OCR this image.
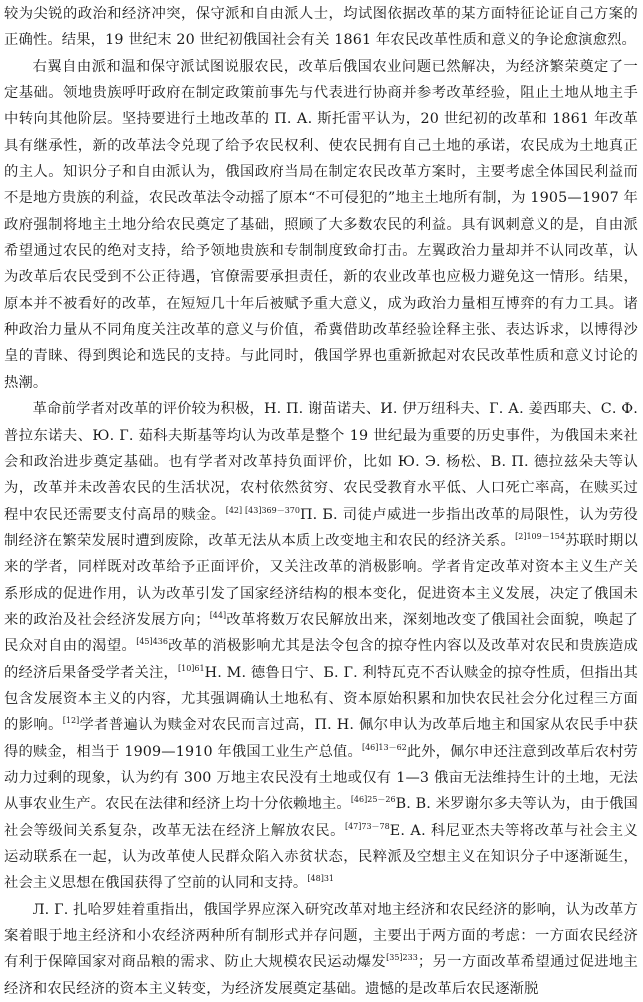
较为尖锐的政治和经济冲突，保守派和自由派人士，均试图依据改革的某方面特征论证自己方案的正确性。结果，19 世纪末 20 世纪初俄国社会有关 1861 年农民改革性质和意义的争论愈演愈烈。

右翼自由派和温和保守派试图说服农民，改革后俄国农业问题已然解决，为经济繁荣奠定了一定基础。领地贵族呼吁政府在制定政策前事先与代表进行协商并参考改革经验，阻止土地从地主手中转向其他阶层。坚持要进行土地改革的 П. А. 斯托雷平认为，20 世纪初的改革和 1861 年改革具有继承性，新的改革法令兑现了给予农民权利、使农民拥有自己土地的承诺，农民成为土地真正的主人。知识分子和自由派认为，俄国政府当局在制定农民改革方案时，主要考虑全体国民利益而不是地方贵族的利益，农民改革法令动摇了原本“不可侵犯的”地主土地所有制，为 1905—1907 年政府强制将地主土地分给农民奠定了基础，照顾了大多数农民的利益。具有讽刺意义的是，自由派希望通过农民的绝对支持，给予领地贵族和专制制度致命打击。左翼政治力量却并不认同改革，认为改革后农民受到不公正待遇，官僚需要承担责任，新的农业改革也应极力避免这一情形。结果，原本并不被看好的改革，在短短几十年后被赋予重大意义，成为政治力量相互博弈的有力工具。诸种政治力量从不同角度关注改革的意义与价值，希冀借助改革经验诠释主张、表达诉求，以博得沙皇的青睐、得到舆论和选民的支持。与此同时，俄国学界也重新掀起对农民改革性质和意义讨论的热潮。

革命前学者对改革的评价较为积极，Н. П. 谢苗诺夫、И. 伊万纽科夫、Г. А. 姜西耶夫、С. Ф. 普拉东诺夫、Ю. Г. 茹科夫斯基等均认为改革是整个 19 世纪最为重要的历史事件，为俄国未来社会和政治进步奠定基础。也有学者对改革持负面评价，比如 Ю. Э. 杨松、В. П. 德拉兹朵夫等认为，改革并未改善农民的生活状况，农村依然贫穷、农民受教育水平低、人口死亡率高，在赎买过程中农民还需要支付高昂的赎金。$^{[42] [43]369-370}$П. Б. 司徒卢威进一步指出改革的局限性，认为劳役制经济在繁荣发展时遭到废除，改革无法从本质上改变地主和农民的经济关系。$^{[2]109-154}$苏联时期以来的学者，同样既对改革给予正面评价，又关注改革的消极影响。学者肯定改革对资本主义生产关系形成的促进作用，认为改革引发了国家经济结构的根本变化，促进资本主义发展，决定了俄国未来的政治及社会经济发展方向；[44]改革将数万农民解放出来，深刻地改变了俄国社会面貌，唤起了民众对自由的渴望。$^{[45]436}$改革的消极影响尤其是法令包含的掠夺性内容以及改革对农民和贵族造成的经济后果备受学者关注，$^{[10]61}$Н. М. 德鲁日宁、Б. Г. 利特瓦克不否认赎金的掠夺性质，但指出其包含发展资本主义的内容，尤其强调确认土地私有、资本原始积累和加快农民社会分化过程三方面的影响。[12]学者普遍认为赎金对农民而言过高，П. Н. 佩尔申认为改革后地主和国家从农民手中获得的赎金，相当于 1909—1910 年俄国工业生产总值。$^{[46]13-62}$此外，佩尔申还注意到改革后农村劳动力过剩的现象，认为约有 300 万地主农民没有土地或仅有 1—3 俄亩无法维持生计的土地，无法从事农业生产。农民在法律和经济上均十分依赖地主。$^{[46]25-26}$В. В. 米罗谢尔多夫等认为，由于俄国社会等级间关系复杂，改革无法在经济上解放农民。$^{[47]73-78}$Е. А. 科尼亚杰夫等将改革与社会主义运动联系在一起，认为改革使人民群众陷入赤贫状态，民粹派及空想主义在知识分子中逐渐诞生，社会主义思想在俄国获得了空前的认同和支持。$^{[48]31}$

Л. Г. 扎哈罗娃着重指出，俄国学界应深入研究改革对地主经济和农民经济的影响，认为改革方案着眼于地主经济和小农经济两种所有制形式并存问题，主要出于两方面的考虑：一方面农民经济有利于保障国家对商品粮的需求、防止大规模农民运动爆发$^{[35]233}$；另一方面改革希望通过促进地主经济和农民经济的资本主义转变，为经济发展奠定基础。遗憾的是改革后农民逐渐脱
